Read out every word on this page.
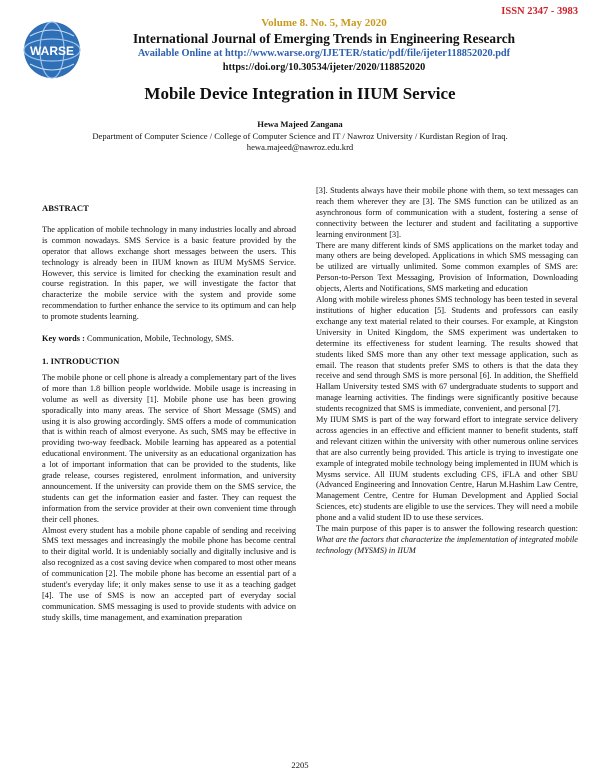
ISSN 2347 - 3983
WARSE
Volume 8. No. 5, May 2020
International Journal of Emerging Trends in Engineering Research
Available Online at http://www.warse.org/IJETER/static/pdf/file/ijeter118852020.pdf
https://doi.org/10.30534/ijeter/2020/118852020
Mobile Device Integration in IIUM Service
Hewa Majeed Zangana
Department of Computer Science / College of Computer Science and IT / Nawroz University / Kurdistan Region of Iraq.
hewa.majeed@nawroz.edu.krd

ABSTRACT

The application of mobile technology in many industries locally and abroad is common nowadays. SMS Service is a basic feature provided by the operator that allows exchange short messages between the users. This technology is already been in IIUM known as IIUM MySMS Service. However, this service is limited for checking the examination result and course registration. In this paper, we will investigate the factor that characterize the mobile service with the system and provide some recommendation to further enhance the service to its optimum and can help to promote students learning.

Key words : Communication, Mobile, Technology, SMS.

1. INTRODUCTION

The mobile phone or cell phone is already a complementary part of the lives of more than 1.8 billion people worldwide. Mobile usage is increasing in volume as well as diversity [1]. Mobile phone use has been growing sporadically into many areas. The service of Short Message (SMS) and using it is also growing accordingly. SMS offers a mode of communication that is within reach of almost everyone. As such, SMS may be effective in providing two-way feedback. Mobile learning has appeared as a potential educational environment. The university as an educational organization has a lot of important information that can be provided to the students, like grade release, courses registered, enrolment information, and university announcement. If the university can provide them on the SMS service, the students can get the information easier and faster. They can request the information from the service provider at their own convenient time through their cell phones.

Almost every student has a mobile phone capable of sending and receiving SMS text messages and increasingly the mobile phone has become central to their digital world. It is undeniably socially and digitally inclusive and is also recognized as a cost saving device when compared to most other means of communication [2]. The mobile phone has become an essential part of a student's everyday life; it only makes sense to use it as a teaching gadget [4]. The use of SMS is now an accepted part of everyday social communication. SMS messaging is used to provide students with advice on study skills, time management, and examination preparation

[3]. Students always have their mobile phone with them, so text messages can reach them wherever they are [3]. The SMS function can be utilized as an asynchronous form of communication with a student, fostering a sense of connectivity between the lecturer and student and facilitating a supportive learning environment [3].

There are many different kinds of SMS applications on the market today and many others are being developed. Applications in which SMS messaging can be utilized are virtually unlimited. Some common examples of SMS are: Person-to-Person Text Messaging, Provision of Information, Downloading objects, Alerts and Notifications, SMS marketing and education

Along with mobile wireless phones SMS technology has been tested in several institutions of higher education [5]. Students and professors can easily exchange any text material related to their courses. For example, at Kingston University in United Kingdom, the SMS experiment was undertaken to determine its effectiveness for student learning. The results showed that students liked SMS more than any other text message application, such as email. The reason that students prefer SMS to others is that the data they receive and send through SMS is more personal [6]. In addition, the Sheffield Hallam University tested SMS with 67 undergraduate students to support and manage learning activities. The findings were significantly positive because students recognized that SMS is immediate, convenient, and personal [7].

My IIUM SMS is part of the way forward effort to integrate service delivery across agencies in an effective and efficient manner to benefit students, staff and relevant citizen within the university with other numerous online services that are also currently being provided. This article is trying to investigate one example of integrated mobile technology being implemented in IIUM which is Mysms service. All IIUM students excluding CFS, iFLA and other SBU (Advanced Engineering and Innovation Centre, Harun M.Hashim Law Centre, Management Centre, Centre for Human Development and Applied Social Sciences, etc) students are eligible to use the services. They will need a mobile phone and a valid student ID to use these services.

The main purpose of this paper is to answer the following research question: What are the factors that characterize the implementation of integrated mobile technology (MYSMS) in IIUM

2205
